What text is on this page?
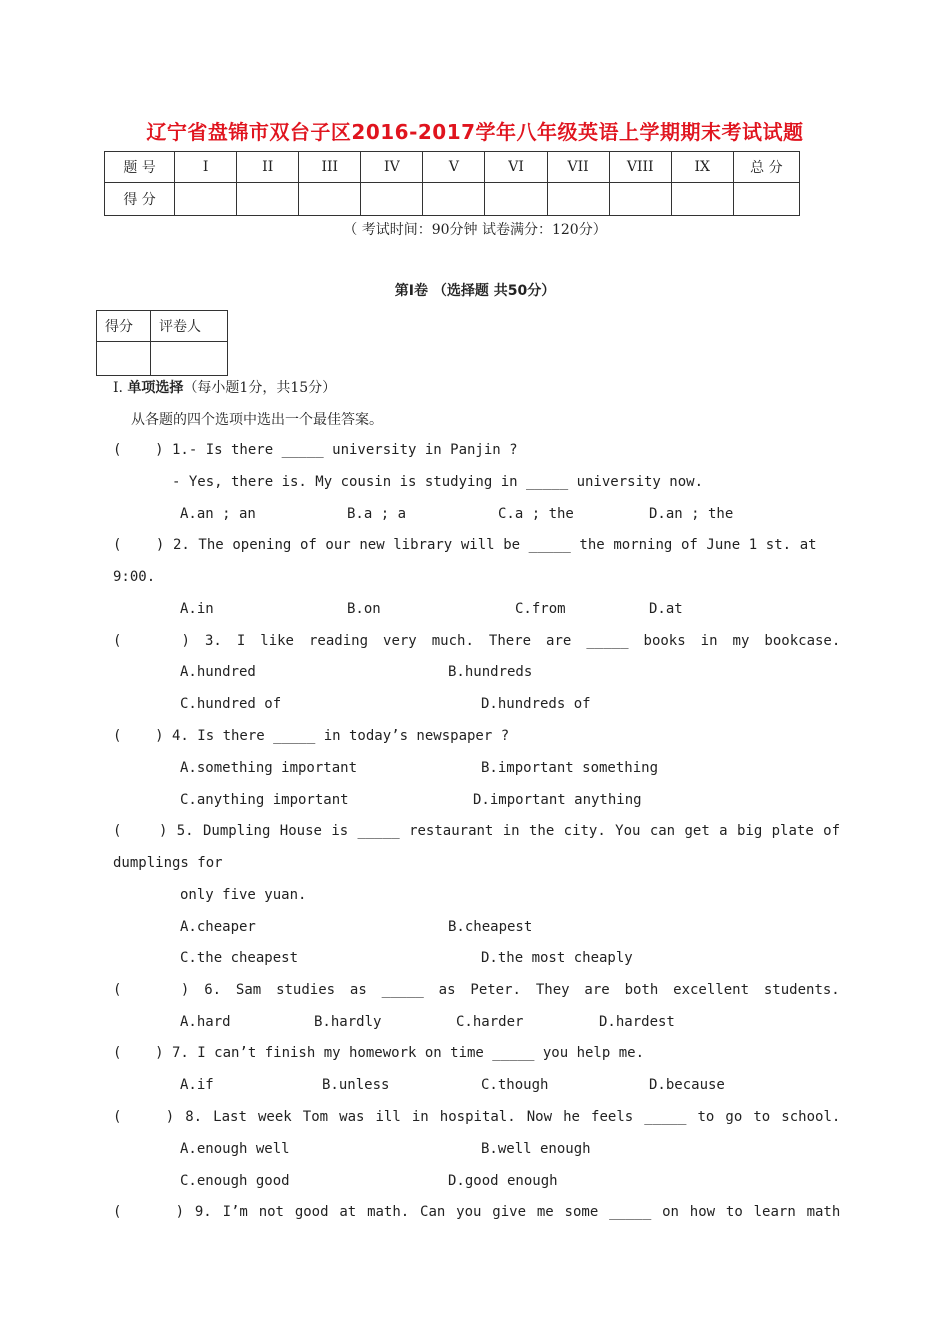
辽宁省盘锦市双台子区2016-2017学年八年级英语上学期期末考试试题
题 号	I	II	III	IV	V	VI	VII	VIII	IX	总 分
得 分										
（ 考试时间：90分钟 试卷满分：120分）
第Ⅰ卷 （选择题 共50分）
得分	评卷人

I. 单项选择（每小题1分，共15分）
从各题的四个选项中选出一个最佳答案。
(    ) 1.- Is there _____ university in Panjin ?
- Yes, there is. My cousin is studying in _____ university now.
A.an ; an	B.a ; a	C.a ; the	D.an ; the
(    ) 2. The opening of our new library will be _____ the morning of June 1 st. at
9:00.
A.in	B.on	C.from	D.at
(    ) 3. I like reading very much. There are _____ books in my bookcase.
A.hundred	B.hundreds
C.hundred of	D.hundreds of
(    ) 4. Is there _____ in today’s newspaper ?
A.something important	B.important something
C.anything important	D.important anything
(    ) 5. Dumpling House is _____ restaurant in the city. You can get a big plate of
dumplings for
only five yuan.
A.cheaper	B.cheapest
C.the cheapest	D.the most cheaply
(    ) 6. Sam studies as _____ as Peter. They are both excellent students.
A.hard	B.hardly	C.harder	D.hardest
(    ) 7. I can’t finish my homework on time _____ you help me.
A.if	B.unless	C.though	D.because
(    ) 8. Last week Tom was ill in hospital. Now he feels _____ to go to school.
A.enough well	B.well enough
C.enough good	D.good enough
(     ) 9. I’m not good at math. Can you give me some _____ on how to learn math
